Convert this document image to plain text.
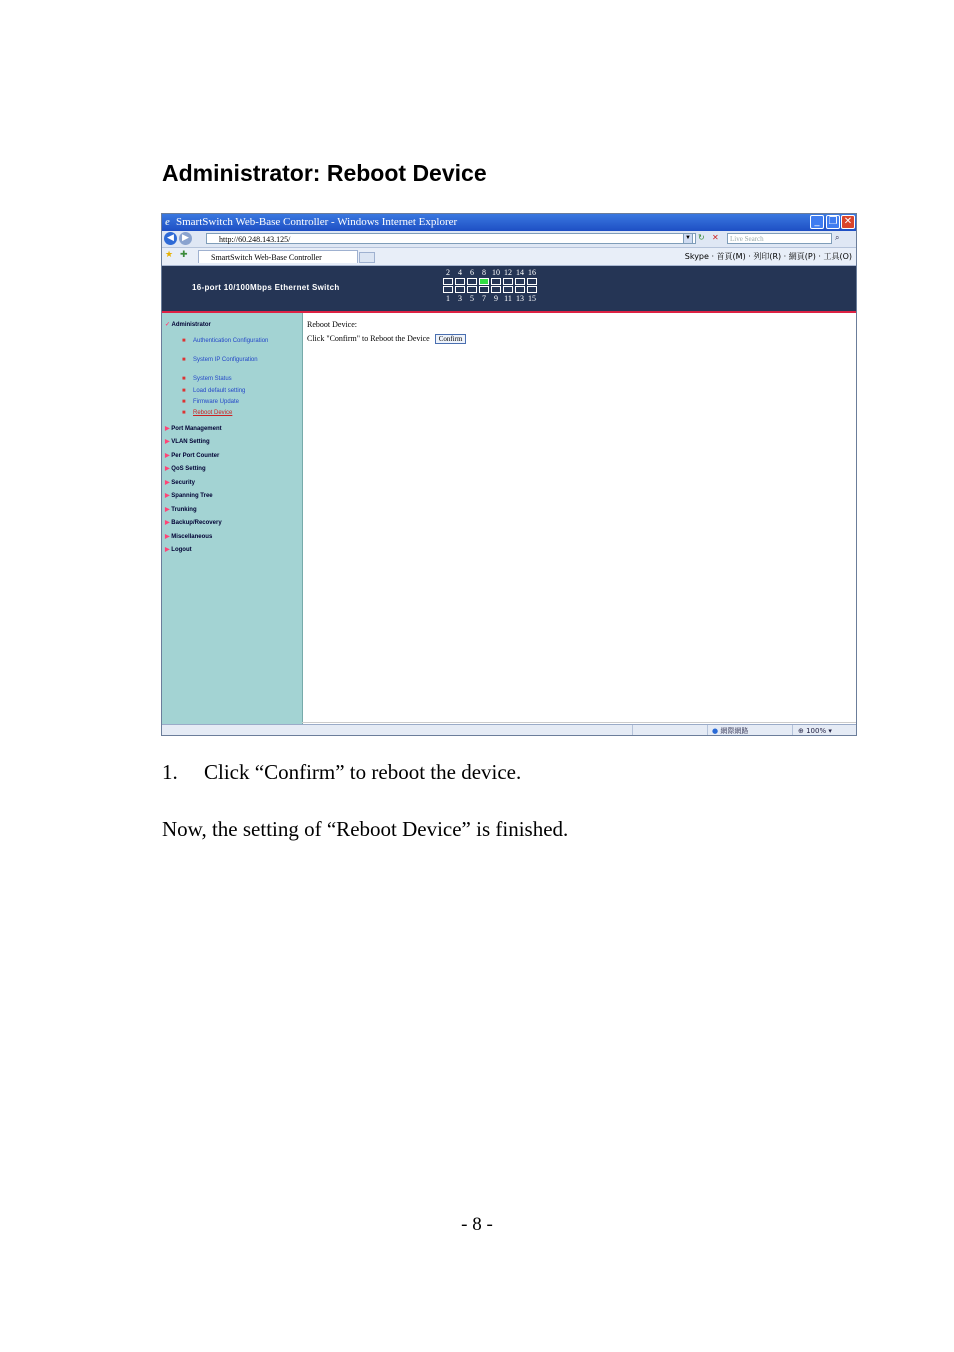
Administrator: Reboot Device
e SmartSwitch Web-Base Controller - Windows Internet Explorer	_ ❐ ✕
◀ ▶	http://60.248.143.125/	▼ ↻ ✕	Live Search	⌕
★ ✚	SmartSwitch Web-Base Controller	Skype · 首頁(M) · 列印(R) · 網頁(P) · 工具(O)
16-port 10/100Mbps Ethernet Switch
2	4	6	8 10 12 14 16
1	3	5	7	9 11 13 15
✓ Administrator
■ Authentication Configuration
■ System IP Configuration
■ System Status
■ Load default setting
■ Firmware Update
■ Reboot Device
▶ Port Management
▶ VLAN Setting
▶ Per Port Counter
▶ QoS Setting
▶ Security
▶ Spanning Tree
▶ Trunking
▶ Backup/Recovery
▶ Miscellaneous
▶ Logout
Reboot Device:
Click "Confirm" to Reboot the Device Confirm
● 網際網路	⊕ 100% ▾
1. Click “Confirm” to reboot the device.
Now, the setting of “Reboot Device” is finished.
- 8 -
